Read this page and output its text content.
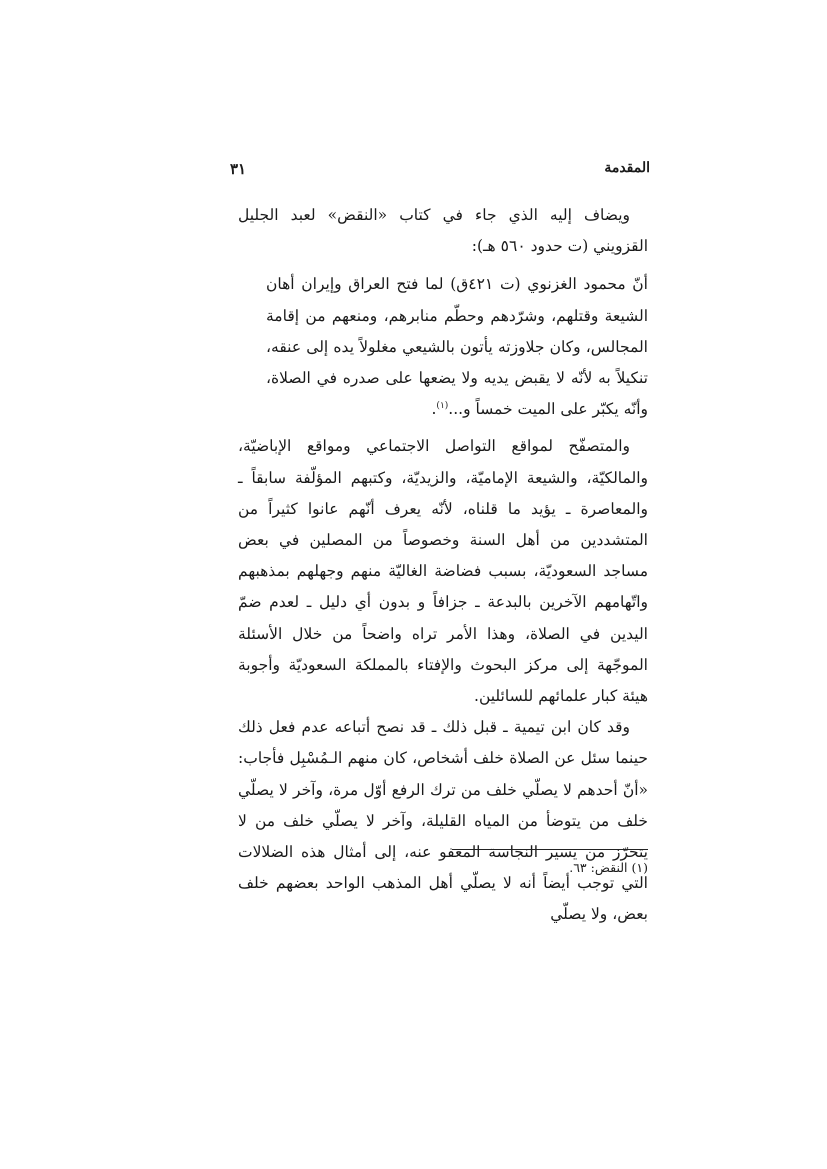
المقدمة
٣١

ويضاف إليه الذي جاء في كتاب «النقض» لعبد الجليل القزويني (ت حدود ٥٦٠ هـ):

أنّ محمود الغزنوي (ت ٤٢١ق) لما فتح العراق وإيران أهان الشيعة وقتلهم، وشرّدهم وحطّم منابرهم، ومنعهم من إقامة المجالس، وكان جلاوزته يأتون بالشيعي مغلولاً يده إلى عنقه، تنكيلاً به لأنّه لا يقبض يديه ولا يضعها على صدره في الصلاة، وأنّه يكبّر على الميت خمساً و...$^{(١)}$.

والمتصفّح لمواقع التواصل الاجتماعي ومواقع الإباضيّة، والمالكيّة، والشيعة الإماميّة، والزيديّة، وكتبهم المؤلّفة سابقاً ـ والمعاصرة ـ يؤيد ما قلناه، لأنّه يعرف أنّهم عانوا كثيراً من المتشددين من أهل السنة وخصوصاً من المصلين في بعض مساجد السعوديّة، بسبب فضاضة الغاليّة منهم وجهلهم بمذهبهم واتّهامهم الآخرين بالبدعة ـ جزافاً و بدون أي دليل ـ لعدم ضمّ اليدين في الصلاة، وهذا الأمر تراه واضحاً من خلال الأسئلة الموجّهة إلى مركز البحوث والإفتاء بالمملكة السعوديّة وأجوبة هيئة كبار علمائهم للسائلين.

وقد كان ابن تيمية ـ قبل ذلك ـ قد نصح أتباعه عدم فعل ذلك حينما سئل عن الصلاة خلف أشخاص، كان منهم الـمُسْبِل فأجاب: «أنّ أحدهم لا يصلّي خلف من ترك الرفع أوّل مرة، وآخر لا يصلّي خلف من يتوضأ من المياه القليلة، وآخر لا يصلّي خلف من لا يتحرّز من يسير النجاسة المعفو عنه، إلى أمثال هذه الضلالات التي توجب أيضاً أنه لا يصلّي أهل المذهب الواحد بعضهم خلف بعض، ولا يصلّي

(١) النقض: ٦٣.
